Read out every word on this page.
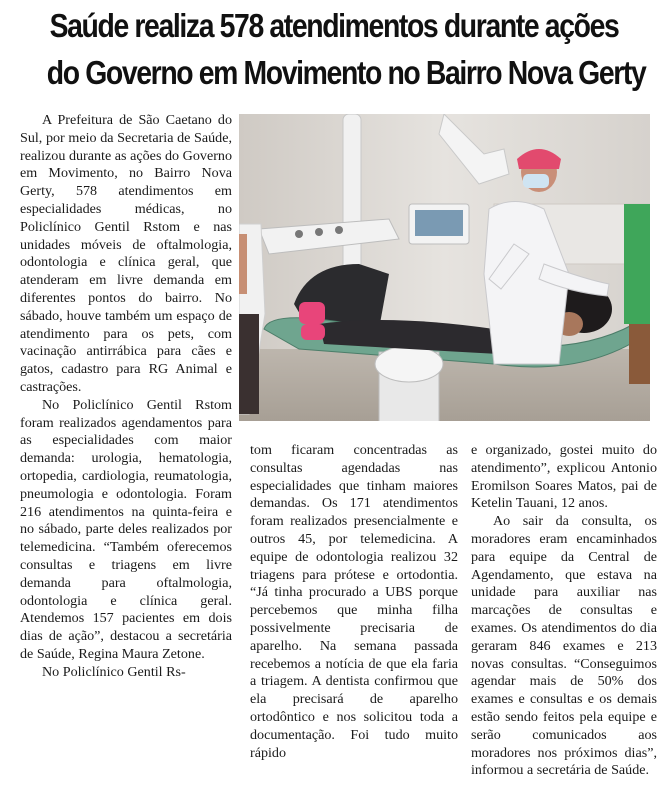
Saúde realiza 578 atendimentos durante ações
do Governo em Movimento no Bairro Nova Gerty

A Prefeitura de São Caetano do Sul, por meio da Secretaria de Saúde, realizou durante as ações do Governo em Movimento, no Bairro Nova Gerty, 578 atendimentos em especialidades médicas, no Policlínico Gentil Rstom e nas unidades móveis de oftalmologia, odontologia e clínica geral, que atenderam em livre demanda em diferentes pontos do bairro. No sábado, houve também um espaço de atendimento para os pets, com vacinação antirrábica para cães e gatos, cadastro para RG Animal e castrações.

No Policlínico Gentil Rstom foram realizados agendamentos para as especialidades com maior demanda: urologia, hematologia, ortopedia, cardiologia, reumatologia, pneumologia e odontologia. Foram 216 atendimentos na quinta-feira e no sábado, parte deles realizados por telemedicina. “Também oferecemos consultas e triagens em livre demanda para oftalmologia, odontologia e clínica geral. Atendemos 157 pacientes em dois dias de ação”, destacou a secretária de Saúde, Regina Maura Zetone.

No Policlínico Gentil Rs-

tom ficaram concentradas as consultas agendadas nas especialidades que tinham maiores demandas. Os 171 atendimentos foram realizados presencialmente e outros 45, por telemedicina. A equipe de odontologia realizou 32 triagens para prótese e ortodontia. “Já tinha procurado a UBS porque percebemos que minha filha possivelmente precisaria de aparelho. Na semana passada recebemos a notícia de que ela faria a triagem. A dentista confirmou que ela precisará de aparelho ortodôntico e nos solicitou toda a documentação. Foi tudo muito rápido

e organizado, gostei muito do atendimento”, explicou Antonio Eromilson Soares Matos, pai de Ketelin Tauani, 12 anos.

Ao sair da consulta, os moradores eram encaminhados para equipe da Central de Agendamento, que estava na unidade para auxiliar nas marcações de consultas e exames. Os atendimentos do dia geraram 846 exames e 213 novas consultas. “Conseguimos agendar mais de 50% dos exames e consultas e os demais estão sendo feitos pela equipe e serão comunicados aos moradores nos próximos dias”, informou a secretária de Saúde.
